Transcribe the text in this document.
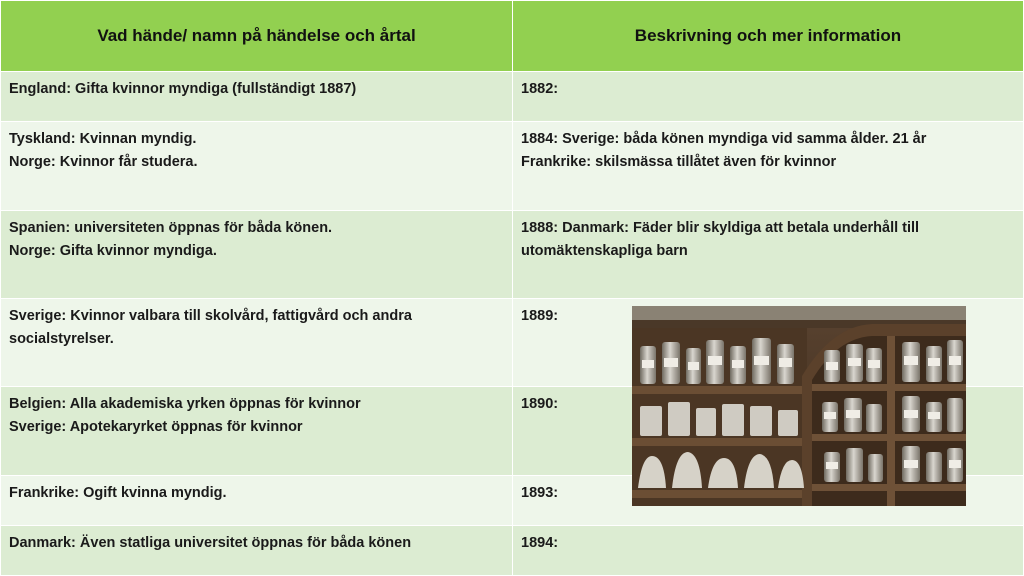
Vad hände/ namn på händelse och årtal	Beskrivning och mer information

England: Gifta kvinnor myndiga (fullständigt 1887)	1882:

Tyskland: Kvinnan myndig.
Norge: Kvinnor får studera.	1884: Sverige: båda könen myndiga vid samma ålder. 21 år
Frankrike: skilsmässa tillåtet även för kvinnor

Spanien: universiteten öppnas för båda könen.
Norge: Gifta kvinnor myndiga.	1888: Danmark: Fäder blir skyldiga att betala underhåll till utomäktenskapliga barn

Sverige: Kvinnor valbara till skolvård, fattigvård och andra socialstyrelser.	1889:

Belgien: Alla akademiska yrken öppnas för kvinnor
Sverige: Apotekaryrket öppnas för kvinnor	1890:

Frankrike: Ogift kvinna myndig.	1893:

Danmark: Även statliga universitet öppnas för båda könen	1894:
